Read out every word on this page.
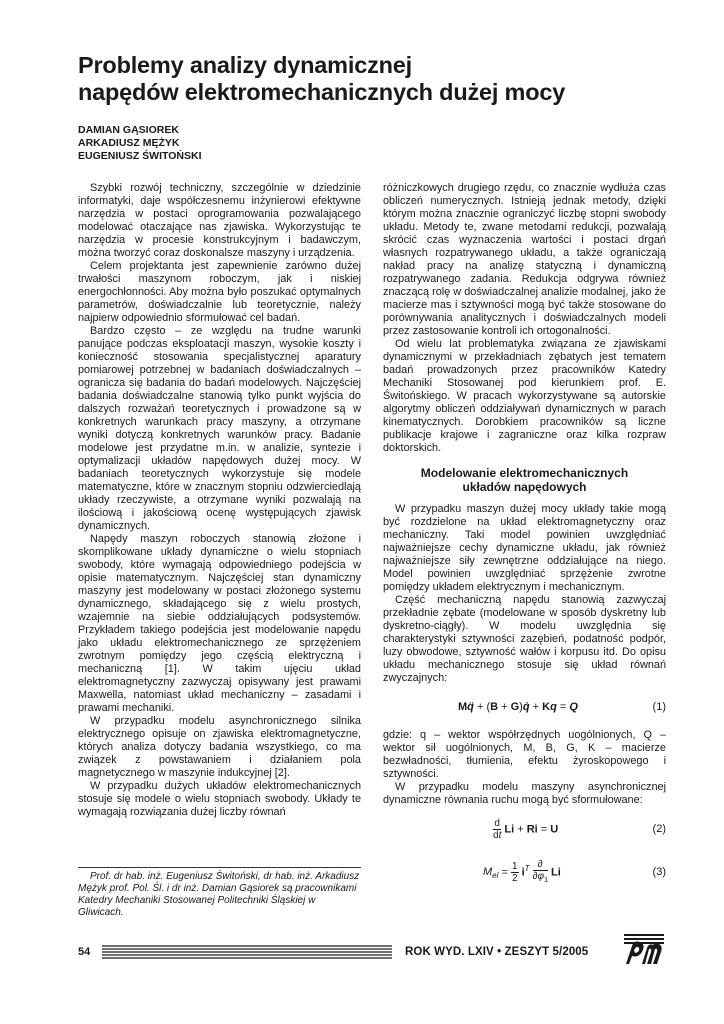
Problemy analizy dynamicznej
napędów elektromechanicznych dużej mocy
DAMIAN GĄSIOREK
ARKADIUSZ MĘŻYK
EUGENIUSZ ŚWITOŃSKI

Szybki rozwój techniczny, szczególnie w dziedzinie informatyki, daje współczesnemu inżynierowi efektywne narzędzia w postaci oprogramowania pozwalającego modelować otaczające nas zjawiska. Wykorzystując te narzędzia w procesie konstrukcyjnym i badawczym, można tworzyć coraz doskonalsze maszyny i urządzenia.

Celem projektanta jest zapewnienie zarówno dużej trwałości maszynom roboczym, jak i niskiej energochłonności. Aby można było poszukać optymalnych parametrów, doświadczalnie lub teoretycznie, należy najpierw odpowiednio sformułować cel badań.

Bardzo często – ze względu na trudne warunki panujące podczas eksploatacji maszyn, wysokie koszty i konieczność stosowania specjalistycznej aparatury pomiarowej potrzebnej w badaniach doświadczalnych – ogranicza się badania do badań modelowych. Najczęściej badania doświadczalne stanowią tylko punkt wyjścia do dalszych rozważań teoretycznych i prowadzone są w konkretnych warunkach pracy maszyny, a otrzymane wyniki dotyczą konkretnych warunków pracy. Badanie modelowe jest przydatne m.in. w analizie, syntezie i optymalizacji układów napędowych dużej mocy. W badaniach teoretycznych wykorzystuje się modele matematyczne, które w znacznym stopniu odzwierciedlają układy rzeczywiste, a otrzymane wyniki pozwalają na ilościową i jakościową ocenę występujących zjawisk dynamicznych.

Napędy maszyn roboczych stanowią złożone i skomplikowane układy dynamiczne o wielu stopniach swobody, które wymagają odpowiedniego podejścia w opisie matematycznym. Najczęściej stan dynamiczny maszyny jest modelowany w postaci złożonego systemu dynamicznego, składającego się z wielu prostych, wzajemnie na siebie oddziałujących podsystemów. Przykładem takiego podejścia jest modelowanie napędu jako układu elektromechanicznego ze sprzężeniem zwrotnym pomiędzy jego częścią elektryczną i mechaniczną [1]. W takim ujęciu układ elektromagnetyczny zazwyczaj opisywany jest prawami Maxwella, natomiast układ mechaniczny – zasadami i prawami mechaniki.

W przypadku modelu asynchronicznego silnika elektrycznego opisuje on zjawiska elektromagnetyczne, których analiza dotyczy badania wszystkiego, co ma związek z powstawaniem i działaniem pola magnetycznego w maszynie indukcyjnej [2].

W przypadku dużych układów elektromechanicznych stosuje się modele o wielu stopniach swobody. Układy te wymagają rozwiązania dużej liczby równań

Prof. dr hab. inż. Eugeniusz Świtoński, dr hab. inż. Arkadiusz Mężyk prof. Pol. Śl. i dr inż. Damian Gąsiorek są pracownikami Katedry Mechaniki Stosowanej Politechniki Śląskiej w Gliwicach.

różniczkowych drugiego rzędu, co znacznie wydłuża czas obliczeń numerycznych. Istnieją jednak metody, dzięki którym można znacznie ograniczyć liczbę stopni swobody układu. Metody te, zwane metodami redukcji, pozwalają skrócić czas wyznaczenia wartości i postaci drgań własnych rozpatrywanego układu, a także ograniczają nakład pracy na analizę statyczną i dynamiczną rozpatrywanego zadania. Redukcja odgrywa również znaczącą rolę w doświadczalnej analizie modalnej, jako że macierze mas i sztywności mogą być także stosowane do porównywania analitycznych i doświadczalnych modeli przez zastosowanie kontroli ich ortogonalności.

Od wielu lat problematyka związana ze zjawiskami dynamicznymi w przekładniach zębatych jest tematem badań prowadzonych przez pracowników Katedry Mechaniki Stosowanej pod kierunkiem prof. E. Świtońskiego. W pracach wykorzystywane są autorskie algorytmy obliczeń oddziaływań dynamicznych w parach kinematycznych. Dorobkiem pracowników są liczne publikacje krajowe i zagraniczne oraz kilka rozpraw doktorskich.

Modelowanie elektromechanicznych
układów napędowych

W przypadku maszyn dużej mocy układy takie mogą być rozdzielone na układ elektromagnetyczny oraz mechaniczny. Taki model powinien uwzględniać najważniejsze cechy dynamiczne układu, jak również najważniejsze siły zewnętrzne oddziałujące na niego. Model powinien uwzględniać sprzężenie zwrotne pomiędzy układem elektrycznym i mechanicznym.

Część mechaniczną napędu stanowią zazwyczaj przekładnie zębate (modelowane w sposób dyskretny lub dyskretno-ciągły). W modelu uwzględnia się charakterystyki sztywności zazębień, podatność podpór, luzy obwodowe, sztywność wałów i korpusu itd. Do opisu układu mechanicznego stosuje się układ równań zwyczajnych:

Mq̈ + (B + G)q̇ + Kq = Q	(1)

gdzie: q – wektor współrzędnych uogólnionych, Q – wektor sił uogólnionych, M, B, G, K – macierze bezwładności, tłumienia, efektu żyroskopowego i sztywności.

W przypadku modelu maszyny asynchronicznej dynamiczne równania ruchu mogą być sformułowane:

$\frac{d}{dt}$ Li + Ri = U	(2)
$M_{el} = \frac{1}{2} i^T \frac{\partial}{\partial\varphi_1}$ Li	(3)
54	ROK WYD. LXIV • ZESZYT 5/2005
